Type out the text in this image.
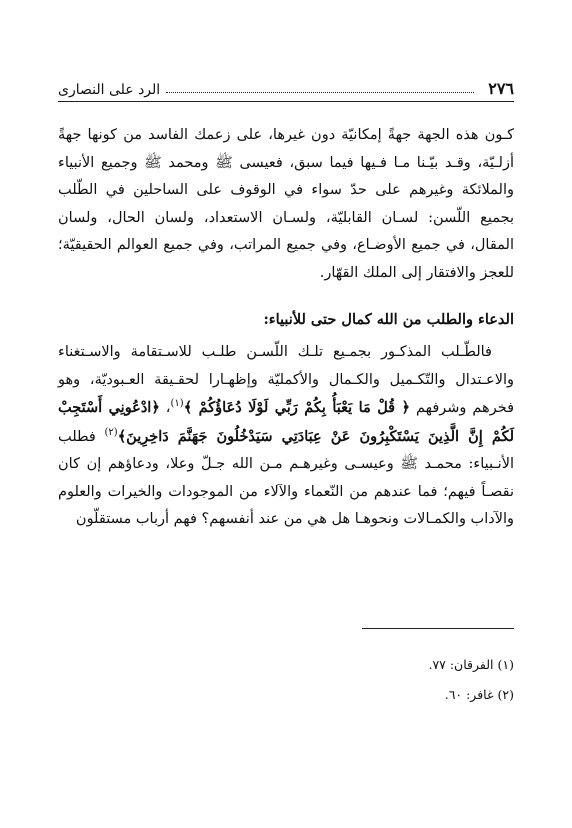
٢٧٦
الرد على النصارى

كـون هذه الجهة جهةً إمكانيّة دون غيرها، على زعمك الفاسد من كونها جهةً أزلـيّة، وقـد بيّـنا مـا فـيها فيما سبق، فعيسى ﷺ ومحمد ﷺ وجميع الأنبياء والملائكة وغيرهم على حدّ سواء في الوقوف على الساحلين في الطّلب بجميع اللّسن: لسـان القابليّة، ولسـان الاستعداد، ولسان الحال، ولسان المقال، في جميع الأوضـاع، وفي جميع المراتب، وفي جميع العوالم الحقيقيّة؛ للعجز والافتقار إلى الملك القهّار.

الدعاء والطلب من الله كمال حتى للأنبياء:

فالطّـلب المذكـور بجمـيع تلـك اللّسـن طلـب للاسـتقامة والاسـتغناء والاعـتدال والتّكـميل والكـمال والأكمليّة وإظهـارا لحقـيقة العـبوديّة، وهو فخرهم وشرفهم ﴿ قُلْ مَا يَعْبَأُ بِكُمْ رَبِّي لَوْلَا دُعَاؤُكُمْ ﴾$^{(١)}$، ﴿ادْعُونِي أَسْتَجِبْ لَكُمْ إِنَّ الَّذِينَ يَسْتَكْبِرُونَ عَنْ عِبَادَتِي سَيَدْخُلُونَ جَهَنَّمَ دَاخِرِينَ﴾$^{(٢)}$ فطلب الأنـبياء: محمـد ﷺ وعيسـى وغيرهـم مـن الله جـلّ وعلا، ودعاؤهم إن كان نقصـاً فيهم؛ فما عندهم من النّعماء والآلاء من الموجودات والخيرات والعلوم والآداب والكمـالات ونحوهـا هل هي من عند أنفسهم؟ فهم أرباب مستقلّون

(١) الفرقان: ٧٧.

(٢) غافر: ٦٠.
